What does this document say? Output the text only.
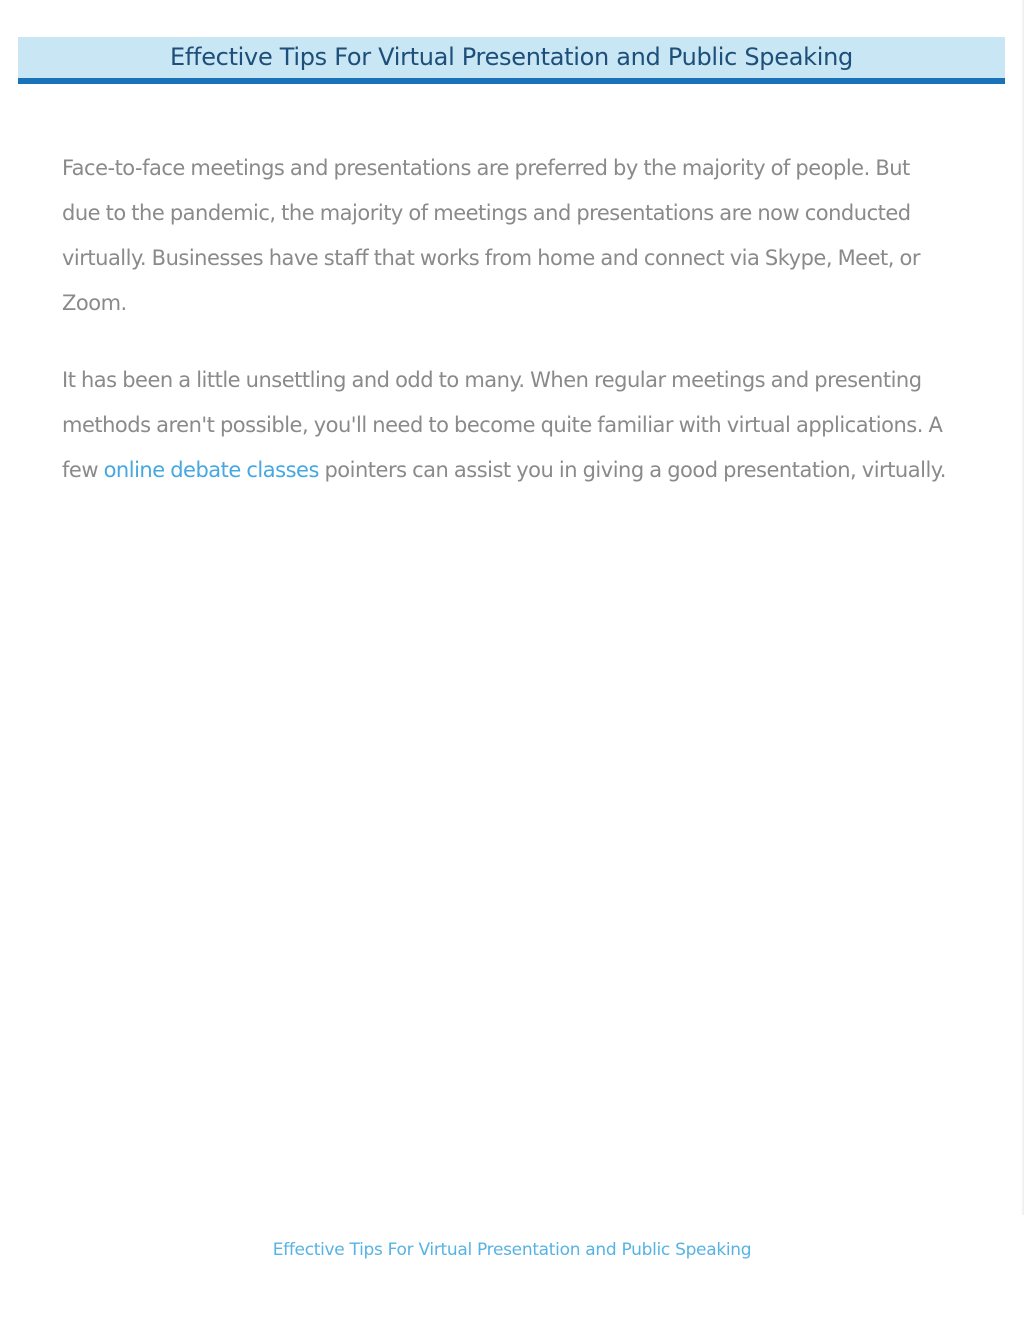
Effective Tips For Virtual Presentation and Public Speaking

Face-to-face meetings and presentations are preferred by the majority of people. But due to the pandemic, the majority of meetings and presentations are now conducted virtually. Businesses have staff that works from home and connect via Skype, Meet, or Zoom.

It has been a little unsettling and odd to many. When regular meetings and presenting methods aren't possible, you'll need to become quite familiar with virtual applications. A few online debate classes pointers can assist you in giving a good presentation, virtually.

Effective Tips For Virtual Presentation and Public Speaking
